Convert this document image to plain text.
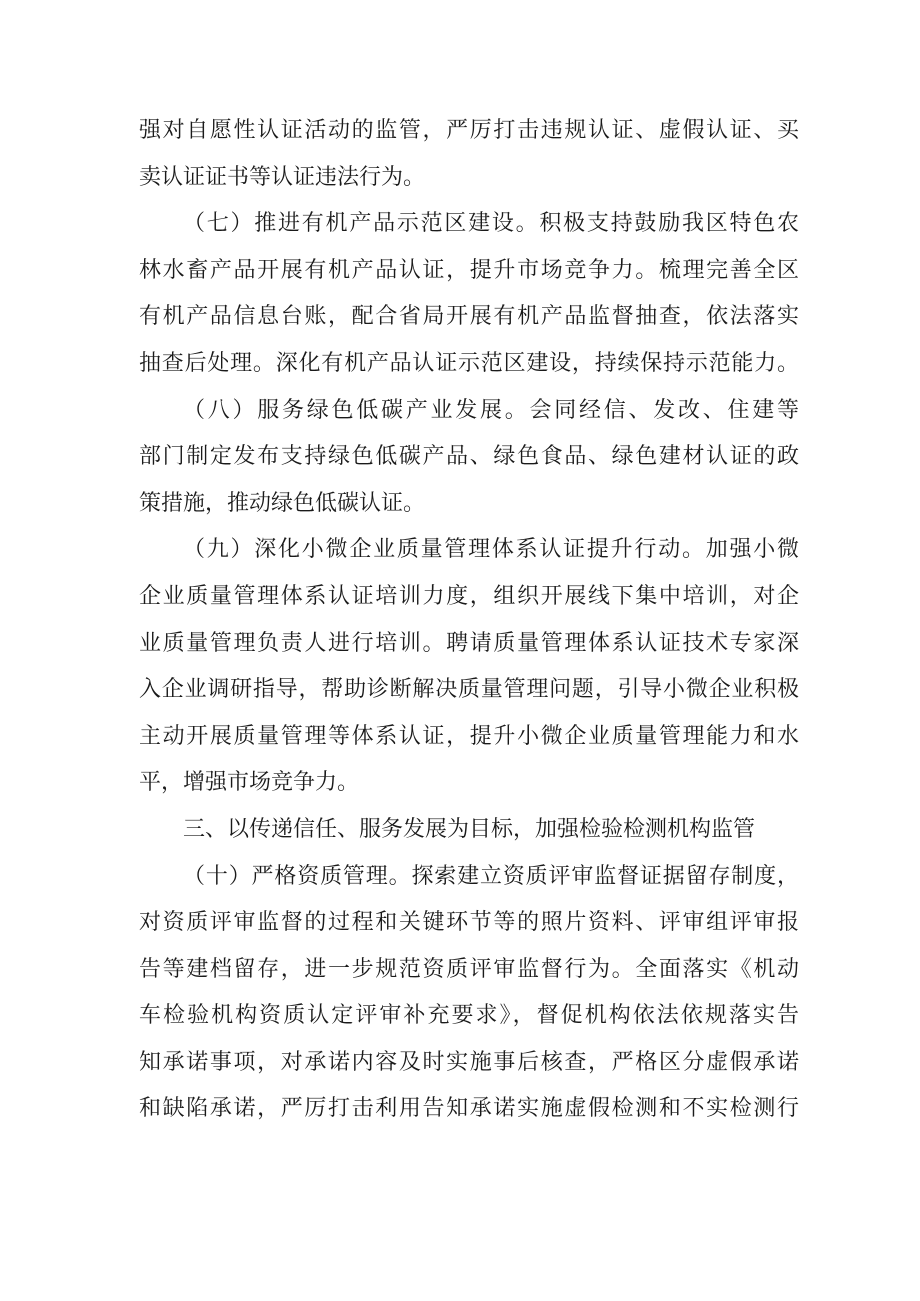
强对自愿性认证活动的监管，严厉打击违规认证、虚假认证、买
卖认证证书等认证违法行为。
（七）推进有机产品示范区建设。积极支持鼓励我区特色农
林水畜产品开展有机产品认证，提升市场竞争力。梳理完善全区
有机产品信息台账，配合省局开展有机产品监督抽查，依法落实
抽查后处理。深化有机产品认证示范区建设，持续保持示范能力。
（八）服务绿色低碳产业发展。会同经信、发改、住建等
部门制定发布支持绿色低碳产品、绿色食品、绿色建材认证的政
策措施，推动绿色低碳认证。
（九）深化小微企业质量管理体系认证提升行动。加强小微
企业质量管理体系认证培训力度，组织开展线下集中培训，对企
业质量管理负责人进行培训。聘请质量管理体系认证技术专家深
入企业调研指导，帮助诊断解决质量管理问题，引导小微企业积极
主动开展质量管理等体系认证，提升小微企业质量管理能力和水
平，增强市场竞争力。
三、以传递信任、服务发展为目标，加强检验检测机构监管
（十）严格资质管理。探索建立资质评审监督证据留存制度，
对资质评审监督的过程和关键环节等的照片资料、评审组评审报
告等建档留存，进一步规范资质评审监督行为。全面落实《机动
车检验机构资质认定评审补充要求》，督促机构依法依规落实告
知承诺事项，对承诺内容及时实施事后核查，严格区分虚假承诺
和缺陷承诺，严厉打击利用告知承诺实施虚假检测和不实检测行
